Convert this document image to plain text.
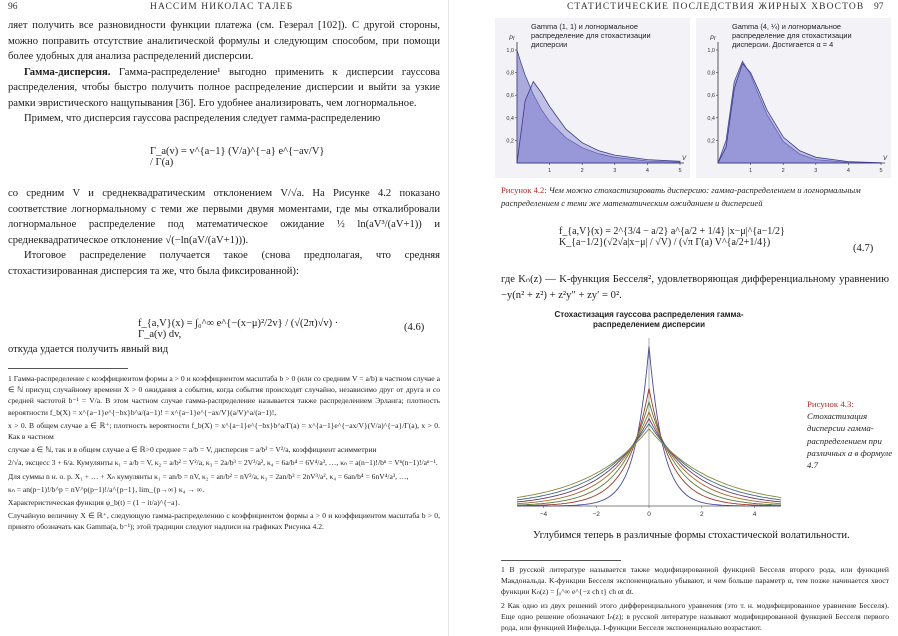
96	НАССИМ НИКОЛАС ТАЛЕБ

ляет получить все разновидности функции платежа (см. Гезерал [102]). С другой стороны, можно поправить отсутствие аналитической формулы и следующим способом, при помощи более удобных для анализа распределений дисперсии.

Гамма-дисперсия. Гамма-распределение¹ выгодно применить к дисперсии гауссова распределения, чтобы быстро получить полное распределение дисперсии и выйти за узкие рамки эвристического нащупывания [36]. Его удобнее анализировать, чем логнормальное.

Примем, что дисперсия гауссова распределения следует гамма-распределению

Γ_a(v) = v^{a−1} (V/a)^{−a} e^{−av/V} / Γ(a)

со средним V и среднеквадратическим отклонением V/√a. На Рисунке 4.2 показано соответствие логнормальному с теми же первыми двумя моментами, где мы откалибровали логнормальное распределение под математическое ожидание ½ ln(aV³/(aV+1)) и среднеквадратическое отклонение √(−ln(aV/(aV+1))).

Итоговое распределение получается такое (снова предполагая, что средняя стохастизированная дисперсия та же, что была фиксированной):

f_{a,V}(x) = ∫₀^∞ e^{−(x−μ)²/2v} / (√(2π)√v) · Γ_a(v) dv,
(4.6)

откуда удается получить явный вид

1 Гамма-распределение с коэффициентом формы a > 0 и коэффициентом масштаба b > 0 (или со средним V = a/b) в частном случае a ∈ ℕ присущ случайному времени X > 0 ожидания a события, когда события происходят случайно, независимо друг от друга и со средней частотой b⁻¹ = V/a. В этом частном случае гамма-распределение называется также распределением Эрланга; плотность вероятности f_b(X) = x^{a−1}e^{−bx}b^a/(a−1)! = x^{a−1}e^{−ax/V}(a/V)^a/(a−1)!,

x > 0. В общем случае a ∈ ℝ⁺; плотность вероятности f_b(X) = x^{a−1}e^{−bx}b^a/Γ(a) = x^{a−1}e^{−ax/V}(V/a)^{−a}/Γ(a), x > 0. Как в частном

случае a ∈ ℕ, так и в общем случае a ∈ ℝ>0 среднее = a/b = V, дисперсия = a/b² = V²/a, коэффициент асимметрии

2/√a, эксцесс 3 + 6/a. Кумулянты κ₁ = a/b = V, κ₂ = a/b² = V²/a, κ₃ = 2a/b³ = 2V³/a², κ₄ = 6a/b⁴ = 6V⁴/a³, …, κₙ = a(n−1)!/bⁿ = Vⁿ(n−1)!/aⁿ⁻¹.

Для суммы n н. о. р. X₁ + … + Xₙ кумулянты κ₁ = an/b = nV, κ₂ = an/b² = nV²/a, κ₃ = 2an/b³ = 2nV³/a², κ₄ = 6an/b⁴ = 6nV⁴/a³, …,

κₙ = an(p−1)!/b^p = nV^p(p−1)!/a^{p−1}, lim_{p→∞} κ₄ → ∞.

Характеристическая функция φ_b(t) = (1 − it/a)^{−a}.

Случайную величину X ∈ ℝ⁺, следующую гамма-распределению с коэффициентом формы a > 0 и коэффициентом масштаба b > 0, принято обозначать как Gamma(a, b⁻¹); этой традиции следуют надписи на графиках Рисунка 4.2.

СТАТИСТИЧЕСКИЕ ПОСЛЕДСТВИЯ ЖИРНЫХ ХВОСТОВ 97
Gamma (1, 1) и логнормальное распределение для стохастизации дисперсии
Pr
V
0,2
0,4
0,6
0,8
1,0
1	2	3	4	5
Gamma (4, ¼) и логнормальное распределение для стохастизации дисперсии. Достигается α = 4
Pr
V
0,2
0,4
0,6
0,8
1,0
1	2	3	4	5
Рисунок 4.2: Чем можно стохастизировать дисперсию: гамма-распределением и логнормальным распределением с теми же математическим ожиданием и дисперсией
f_{a,V}(x) = 2^{3/4 − a/2} a^{a/2 + 1/4} |x−μ|^{a−1/2} K_{a−1/2}(√2√a|x−μ| / √V) / (√π Γ(a) V^{a/2+1/4})
(4.7)

где Kₙ(z) — K-функция Бесселя², удовлетворяющая дифференциальному уравнению −y(n² + z²) + z²y″ + zy′ = 0².

Стохастизация гауссова распределения гамма-распределением дисперсии
−4	−2	0	2	4
Рисунок 4.3: Стохастизация дисперсии гамма-распределением при различных a в формуле 4.7

Углубимся теперь в различные формы стохастической волатильности.

1 В русской литературе называется также модифицированной функцией Бесселя второго рода, или функцией Макдональда. K-функции Бесселя экспоненциально убывают, и чем больше параметр α, тем позже начинается хвост функции Kₙ(z) = ∫₀^∞ e^{−z ch t} ch αt dt.

2 Как одно из двух решений этого дифференциального уравнения (это т. н. модифицированное уравнение Бесселя). Еще одно решение обозначают Iₙ(z); в русской литературе называют модифицированной функцией Бесселя первого рода, или функцией Инфельда. I-функции Бесселя экспоненциально возрастают.
